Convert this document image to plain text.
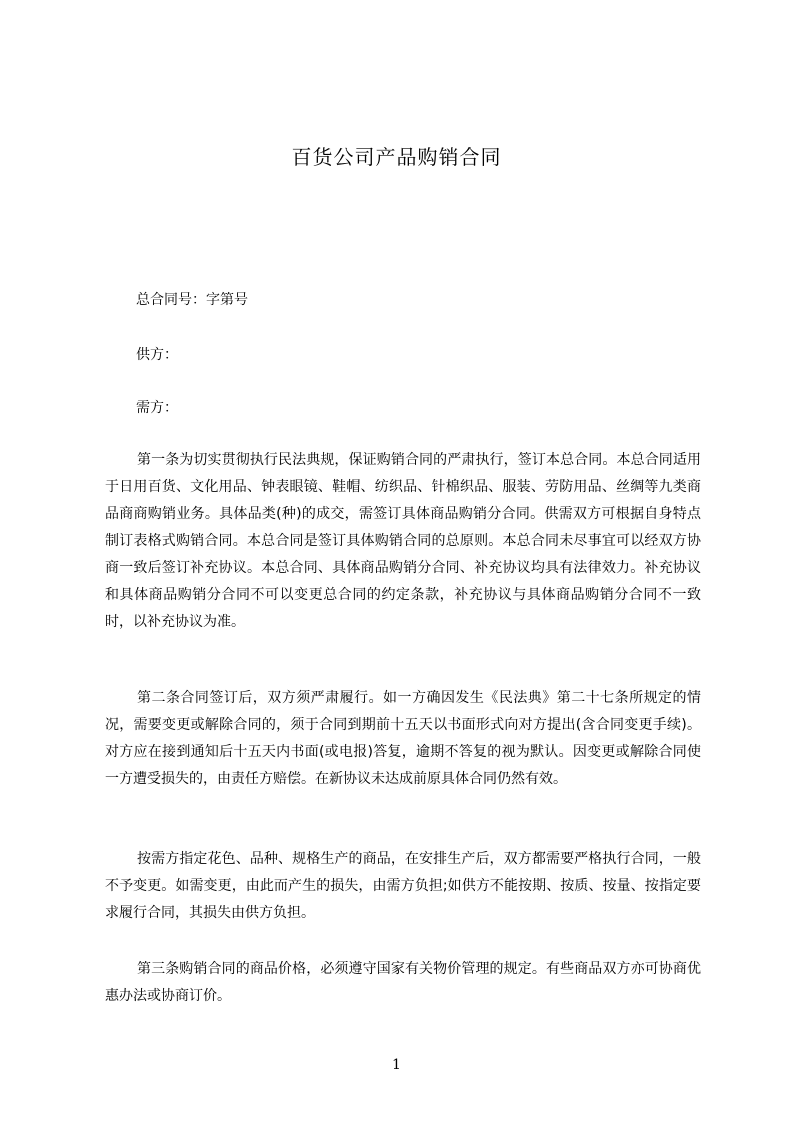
百货公司产品购销合同
总合同号：字第号
供方：
需方：
第一条为切实贯彻执行民法典规，保证购销合同的严肃执行，签订本总合同。本总合同适用于日用百货、文化用品、钟表眼镜、鞋帽、纺织品、针棉织品、服装、劳防用品、丝绸等九类商品商商购销业务。具体品类(种)的成交，需签订具体商品购销分合同。供需双方可根据自身特点制订表格式购销合同。本总合同是签订具体购销合同的总原则。本总合同未尽事宜可以经双方协商一致后签订补充协议。本总合同、具体商品购销分合同、补充协议均具有法律效力。补充协议和具体商品购销分合同不可以变更总合同的约定条款，补充协议与具体商品购销分合同不一致时，以补充协议为准。
第二条合同签订后，双方须严肃履行。如一方确因发生《民法典》第二十七条所规定的情况，需要变更或解除合同的，须于合同到期前十五天以书面形式向对方提出(含合同变更手续)。对方应在接到通知后十五天内书面(或电报)答复，逾期不答复的视为默认。因变更或解除合同使一方遭受损失的，由责任方赔偿。在新协议未达成前原具体合同仍然有效。
按需方指定花色、品种、规格生产的商品，在安排生产后，双方都需要严格执行合同，一般不予变更。如需变更，由此而产生的损失，由需方负担;如供方不能按期、按质、按量、按指定要求履行合同，其损失由供方负担。
第三条购销合同的商品价格，必须遵守国家有关物价管理的规定。有些商品双方亦可协商优惠办法或协商订价。
1
